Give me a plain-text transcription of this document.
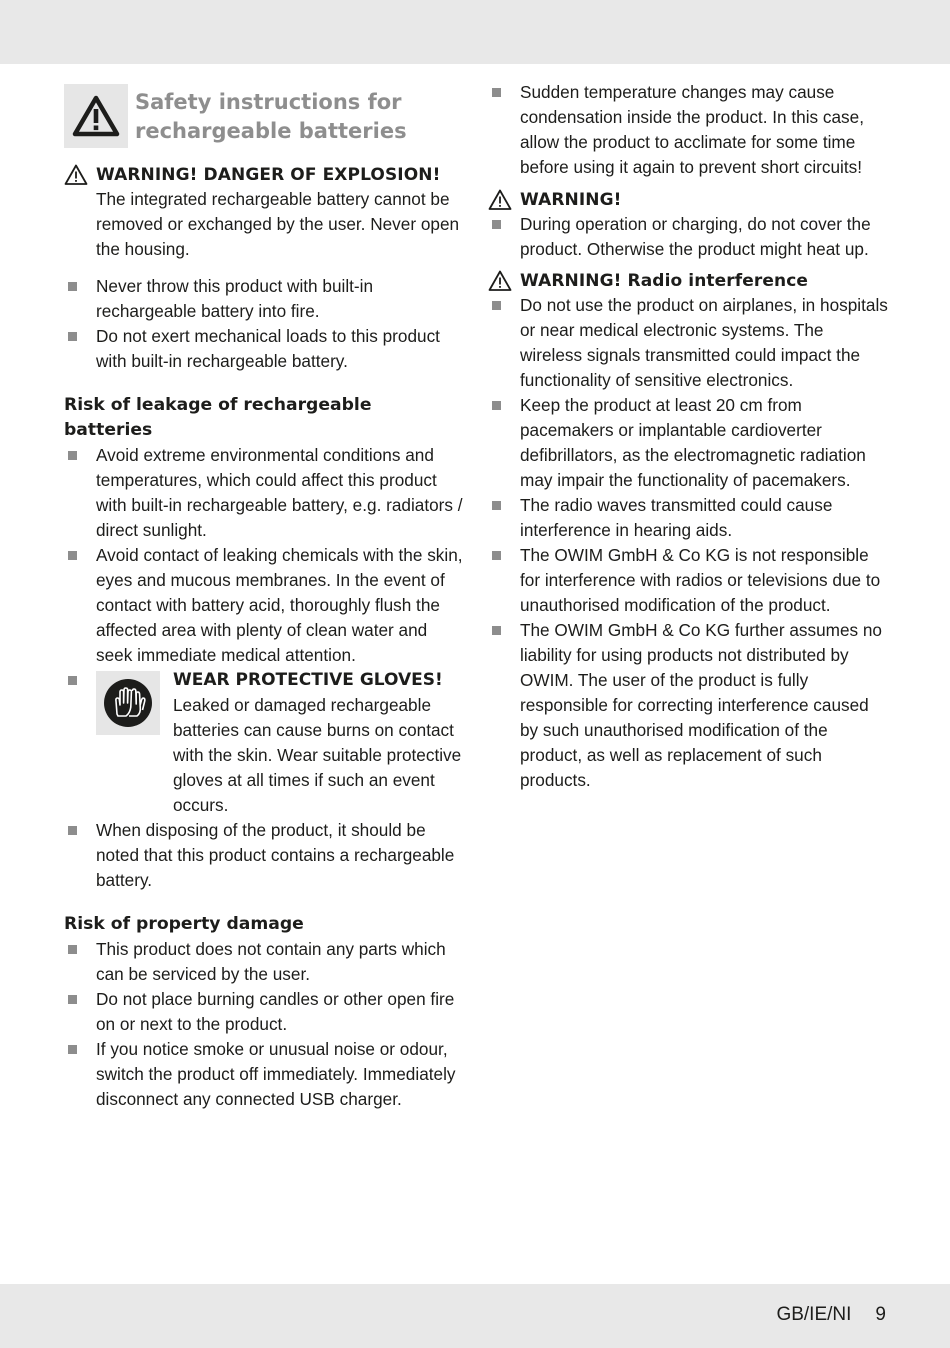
Safety instructions for
rechargeable batteries
WARNING! DANGER OF EXPLOSION!
The integrated rechargeable battery cannot be removed or exchanged by the user. Never open the housing.
Never throw this product with built-in rechargeable battery into fire.
Do not exert mechanical loads to this product with built-in rechargeable battery.
Risk of leakage of rechargeable batteries
Avoid extreme environmental conditions and temperatures, which could affect this product with built-in rechargeable battery, e.g. radiators / direct sunlight.
Avoid contact of leaking chemicals with the skin, eyes and mucous membranes. In the event of contact with battery acid, thoroughly flush the affected area with plenty of clean water and seek immediate medical attention.
WEAR PROTECTIVE GLOVES!
Leaked or damaged rechargeable batteries can cause burns on contact with the skin. Wear suitable protective gloves at all times if such an event occurs.
When disposing of the product, it should be noted that this product contains a rechargeable battery.
Risk of property damage
This product does not contain any parts which can be serviced by the user.
Do not place burning candles or other open fire on or next to the product.
If you notice smoke or unusual noise or odour, switch the product off immediately. Immediately disconnect any connected USB charger.
Sudden temperature changes may cause condensation inside the product. In this case, allow the product to acclimate for some time before using it again to prevent short circuits!
WARNING!
During operation or charging, do not cover the product. Otherwise the product might heat up.
WARNING! Radio interference
Do not use the product on airplanes, in hospitals or near medical electronic systems. The wireless signals transmitted could impact the functionality of sensitive electronics.
Keep the product at least 20 cm from pacemakers or implantable cardioverter defibrillators, as the electromagnetic radiation may impair the functionality of pacemakers.
The radio waves transmitted could cause interference in hearing aids.
The OWIM GmbH & Co KG is not responsible for interference with radios or televisions due to unauthorised modification of the product.
The OWIM GmbH & Co KG further assumes no liability for using products not distributed by OWIM. The user of the product is fully responsible for correcting interference caused by such unauthorised modification of the product, as well as replacement of such products.
GB/IE/NI 9
